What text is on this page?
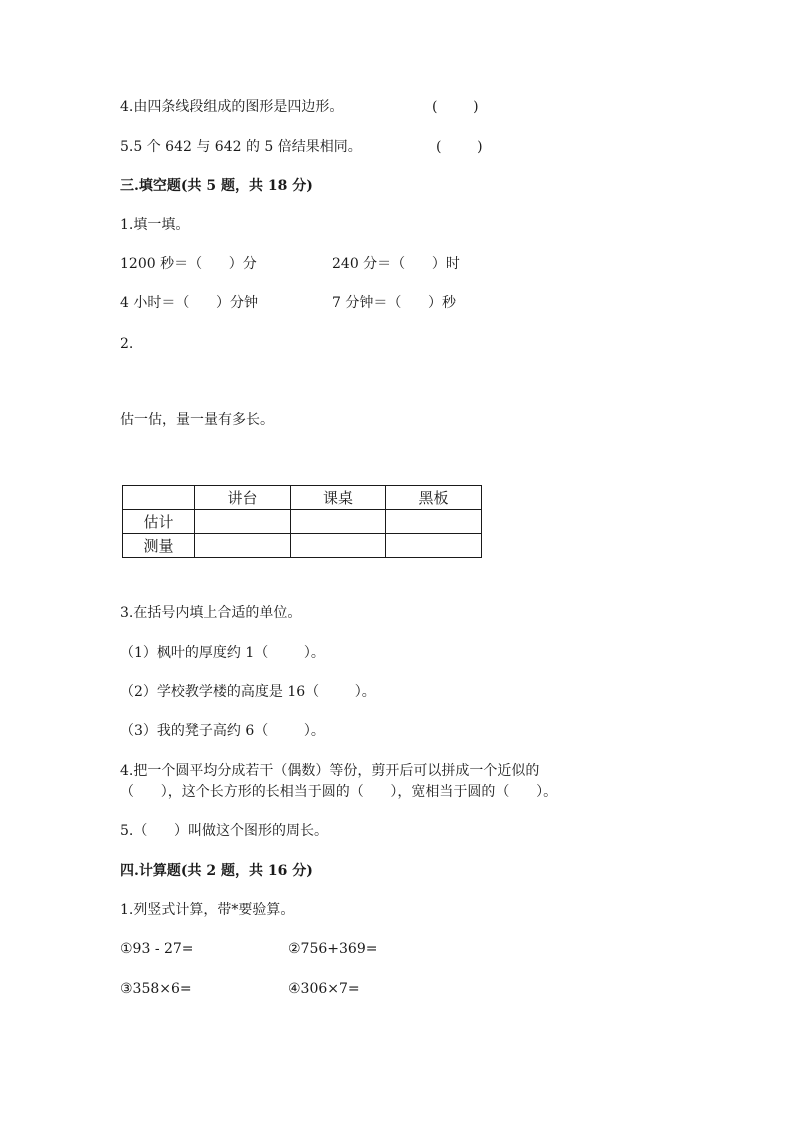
4.由四条线段组成的图形是四边形。	(        )
5.5 个 642 与 642 的 5 倍结果相同。	(        )
三.填空题(共 5 题，共 18 分)
1.填一填。
1200 秒＝（      ）分	240 分＝（      ）时
4 小时＝（      ）分钟	7 分钟＝（      ）秒
2.
估一估，量一量有多长。
	讲台	课桌	黑板
估计			
测量			
3.在括号内填上合适的单位。
（1）枫叶的厚度约 1（        ）。
（2）学校教学楼的高度是 16（        ）。
（3）我的凳子高约 6（        ）。
4.把一个圆平均分成若干（偶数）等份，剪开后可以拼成一个近似的
（      ），这个长方形的长相当于圆的（      ），宽相当于圆的（      ）。
5.（      ）叫做这个图形的周长。
四.计算题(共 2 题，共 16 分)
1.列竖式计算，带*要验算。
①93 - 27=	②756+369=
③358×6=	④306×7=
